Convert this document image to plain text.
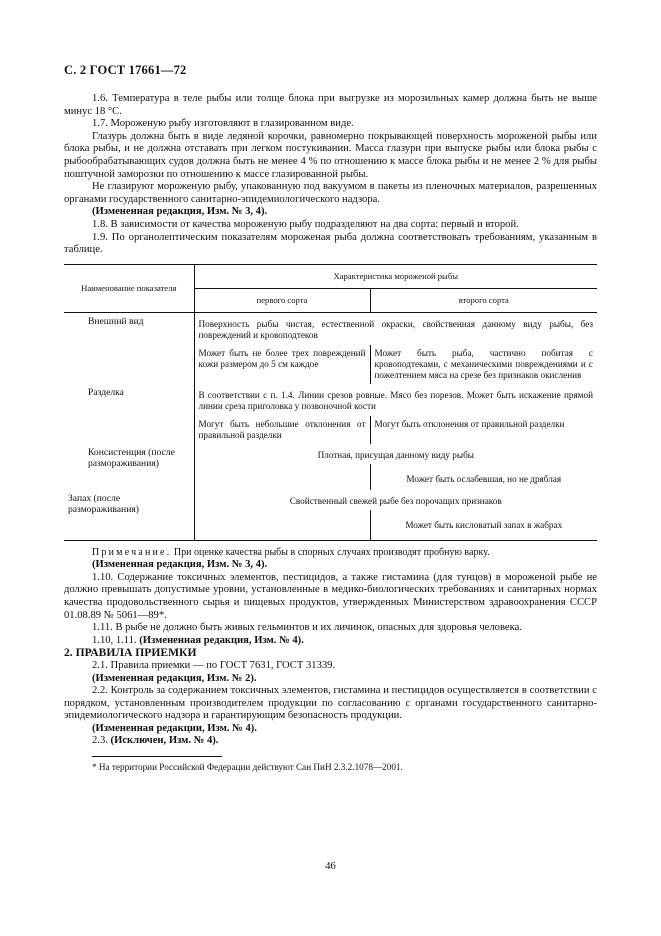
С. 2 ГОСТ 17661—72

1.6. Температура в теле рыбы или толще блока при выгрузке из морозильных камер должна быть не выше минус 18 °С.

1.7. Мороженую рыбу изготовляют в глазированном виде.

Глазурь должна быть в виде ледяной корочки, равномерно покрывающей поверхность мороженой рыбы или блока рыбы, и не должна отставать при легком постукивании. Масса глазури при выпуске рыбы или блока рыбы с рыбообрабатывающих судов должна быть не менее 4 % по отношению к массе блока рыбы и не менее 2 % для рыбы поштучной заморозки по отношению к массе глазированной рыбы.

Не глазируют мороженую рыбу, упакованную под вакуумом в пакеты из пленочных материалов, разрешенных органами государственного санитарно-эпидемиологического надзора.

(Измененная редакция, Изм. № 3, 4).

1.8. В зависимости от качества мороженую рыбу подразделяют на два сорта: первый и второй.

1.9. По органолептическим показателям мороженая рыба должна соответствовать требованиям, указанным в таблице.

Наименование показателя	Характеристика мороженой рыбы	
	первого сорта	второго сорта
Внешний вид	Поверхность рыбы чистая, естественной окраски, свойственная данному виду рыбы, без повреждений и кровоподтеков	
	Может быть не более трех повреждений кожи размером до 5 см каждое	Может быть рыба, частично побитая с кровоподтеками, с механическими повреждениями и с пожелтением мяса на срезе без признаков окисления
Разделка	В соответствии с п. 1.4. Линии срезов ровные. Мясо без порезов. Может быть искажение прямой линии среза приголовка у позвоночной кости	
	Могут быть небольшие отклонения от правильной разделки	Могут быть отклонения от правильной разделки
Консистенция (после размораживания)	Плотная, присущая данному виду рыбы	
		Может быть ослабевшая, но не дряблая
Запах (после размораживания)	Свойственный свежей рыбе без порочащих признаков	
		Может быть кисловатый запах в жабрах

Примечание. При оценке качества рыбы в спорных случаях производят пробную варку.

(Измененная редакция, Изм. № 3, 4).

1.10. Содержание токсичных элементов, пестицидов, а также гистамина (для тунцов) в мороженой рыбе не должно превышать допустимые уровни, установленные в медико-биологических требованиях и санитарных нормах качества продовольственного сырья и пищевых продуктов, утвержденных Министерством здравоохранения СССР 01.08.89 № 5061—89*.

1.11. В рыбе не должно быть живых гельминтов и их личинок, опасных для здоровья человека.

1.10, 1.11. (Измененная редакция, Изм. № 4).

2. ПРАВИЛА ПРИЕМКИ

2.1. Правила приемки — по ГОСТ 7631, ГОСТ 31339.

(Измененная редакция, Изм. № 2).

2.2. Контроль за содержанием токсичных элементов, гистамина и пестицидов осуществляется в соответствии с порядком, установленным производителем продукции по согласованию с органами государственного санитарно-эпидемиологического надзора и гарантирующим безопасность продукции.

(Измененная редакции, Изм. № 4).

2.3. (Исключен, Изм. № 4).

* На территории Российской Федерации действуют Сан ПиН 2.3.2.1078—2001.

46
